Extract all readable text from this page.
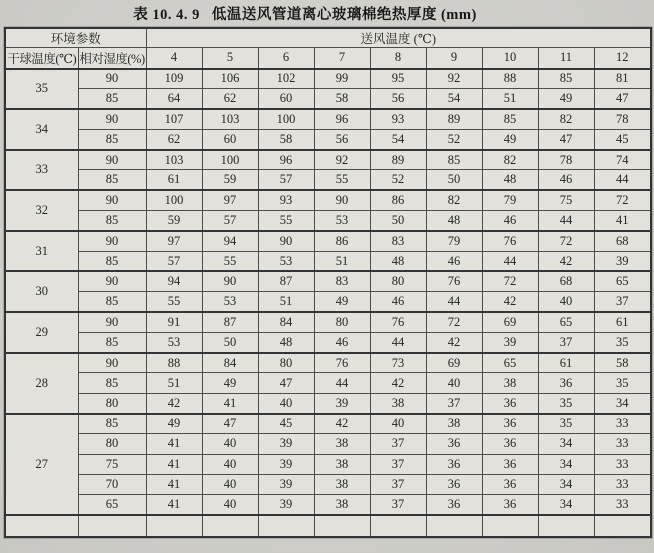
表 10. 4. 9 低温送风管道离心玻璃棉绝热厚度 (mm)
环境参数		送风温度 (℃)								
干球温度(℃)	相对湿度(%)	4	5	6	7	8	9	10	11	12
35	90	109	106	102	99	95	92	88	85	81
	85	64	62	60	58	56	54	51	49	47
34	90	107	103	100	96	93	89	85	82	78
	85	62	60	58	56	54	52	49	47	45
33	90	103	100	96	92	89	85	82	78	74
	85	61	59	57	55	52	50	48	46	44
32	90	100	97	93	90	86	82	79	75	72
	85	59	57	55	53	50	48	46	44	41
31	90	97	94	90	86	83	79	76	72	68
	85	57	55	53	51	48	46	44	42	39
30	90	94	90	87	83	80	76	72	68	65
	85	55	53	51	49	46	44	42	40	37
29	90	91	87	84	80	76	72	69	65	61
	85	53	50	48	46	44	42	39	37	35
28	90	88	84	80	76	73	69	65	61	58
	85	51	49	47	44	42	40	38	36	35
	80	42	41	40	39	38	37	36	35	34
27	85	49	47	45	42	40	38	36	35	33
	80	41	40	39	38	37	36	36	34	33
	75	41	40	39	38	37	36	36	34	33
	70	41	40	39	38	37	36	36	34	33
	65	41	40	39	38	37	36	36	34	33
